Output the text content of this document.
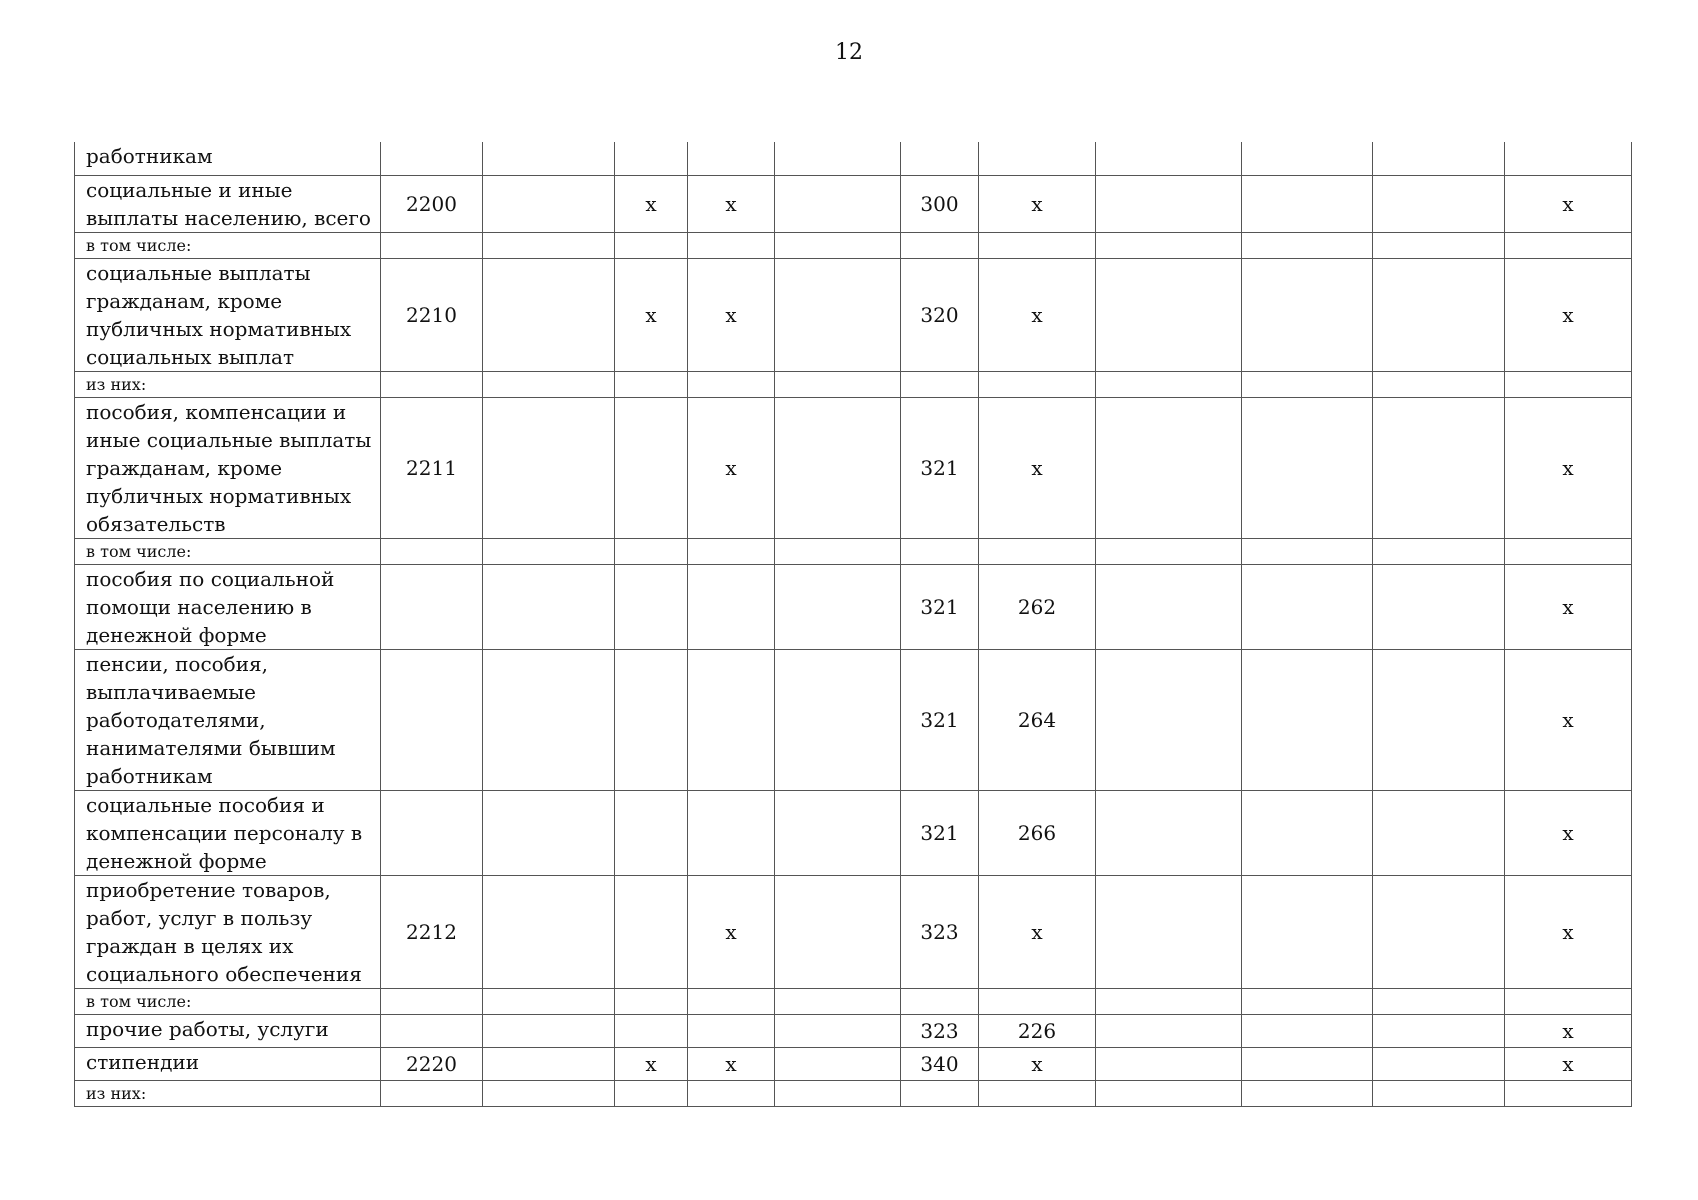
12
работникам											
социальные и иные выплаты населению, всего	2200		x	x		300	x				x
в том числе:											
социальные выплаты гражданам, кроме публичных нормативных социальных выплат	2210		x	x		320	x				x
из них:											
пособия, компенсации и иные социальные выплаты гражданам, кроме публичных нормативных обязательств	2211			x		321	x				x
в том числе:											
пособия по социальной помощи населению в денежной форме						321	262				x
пенсии, пособия, выплачиваемые работодателями, нанимателями бывшим работникам						321	264				x
социальные пособия и компенсации персоналу в денежной форме						321	266				x
приобретение товаров, работ, услуг в пользу граждан в целях их социального обеспечения	2212			x		323	x				x
в том числе:											
прочие работы, услуги						323	226				x
стипендии	2220		x	x		340	x				x
из них:											
